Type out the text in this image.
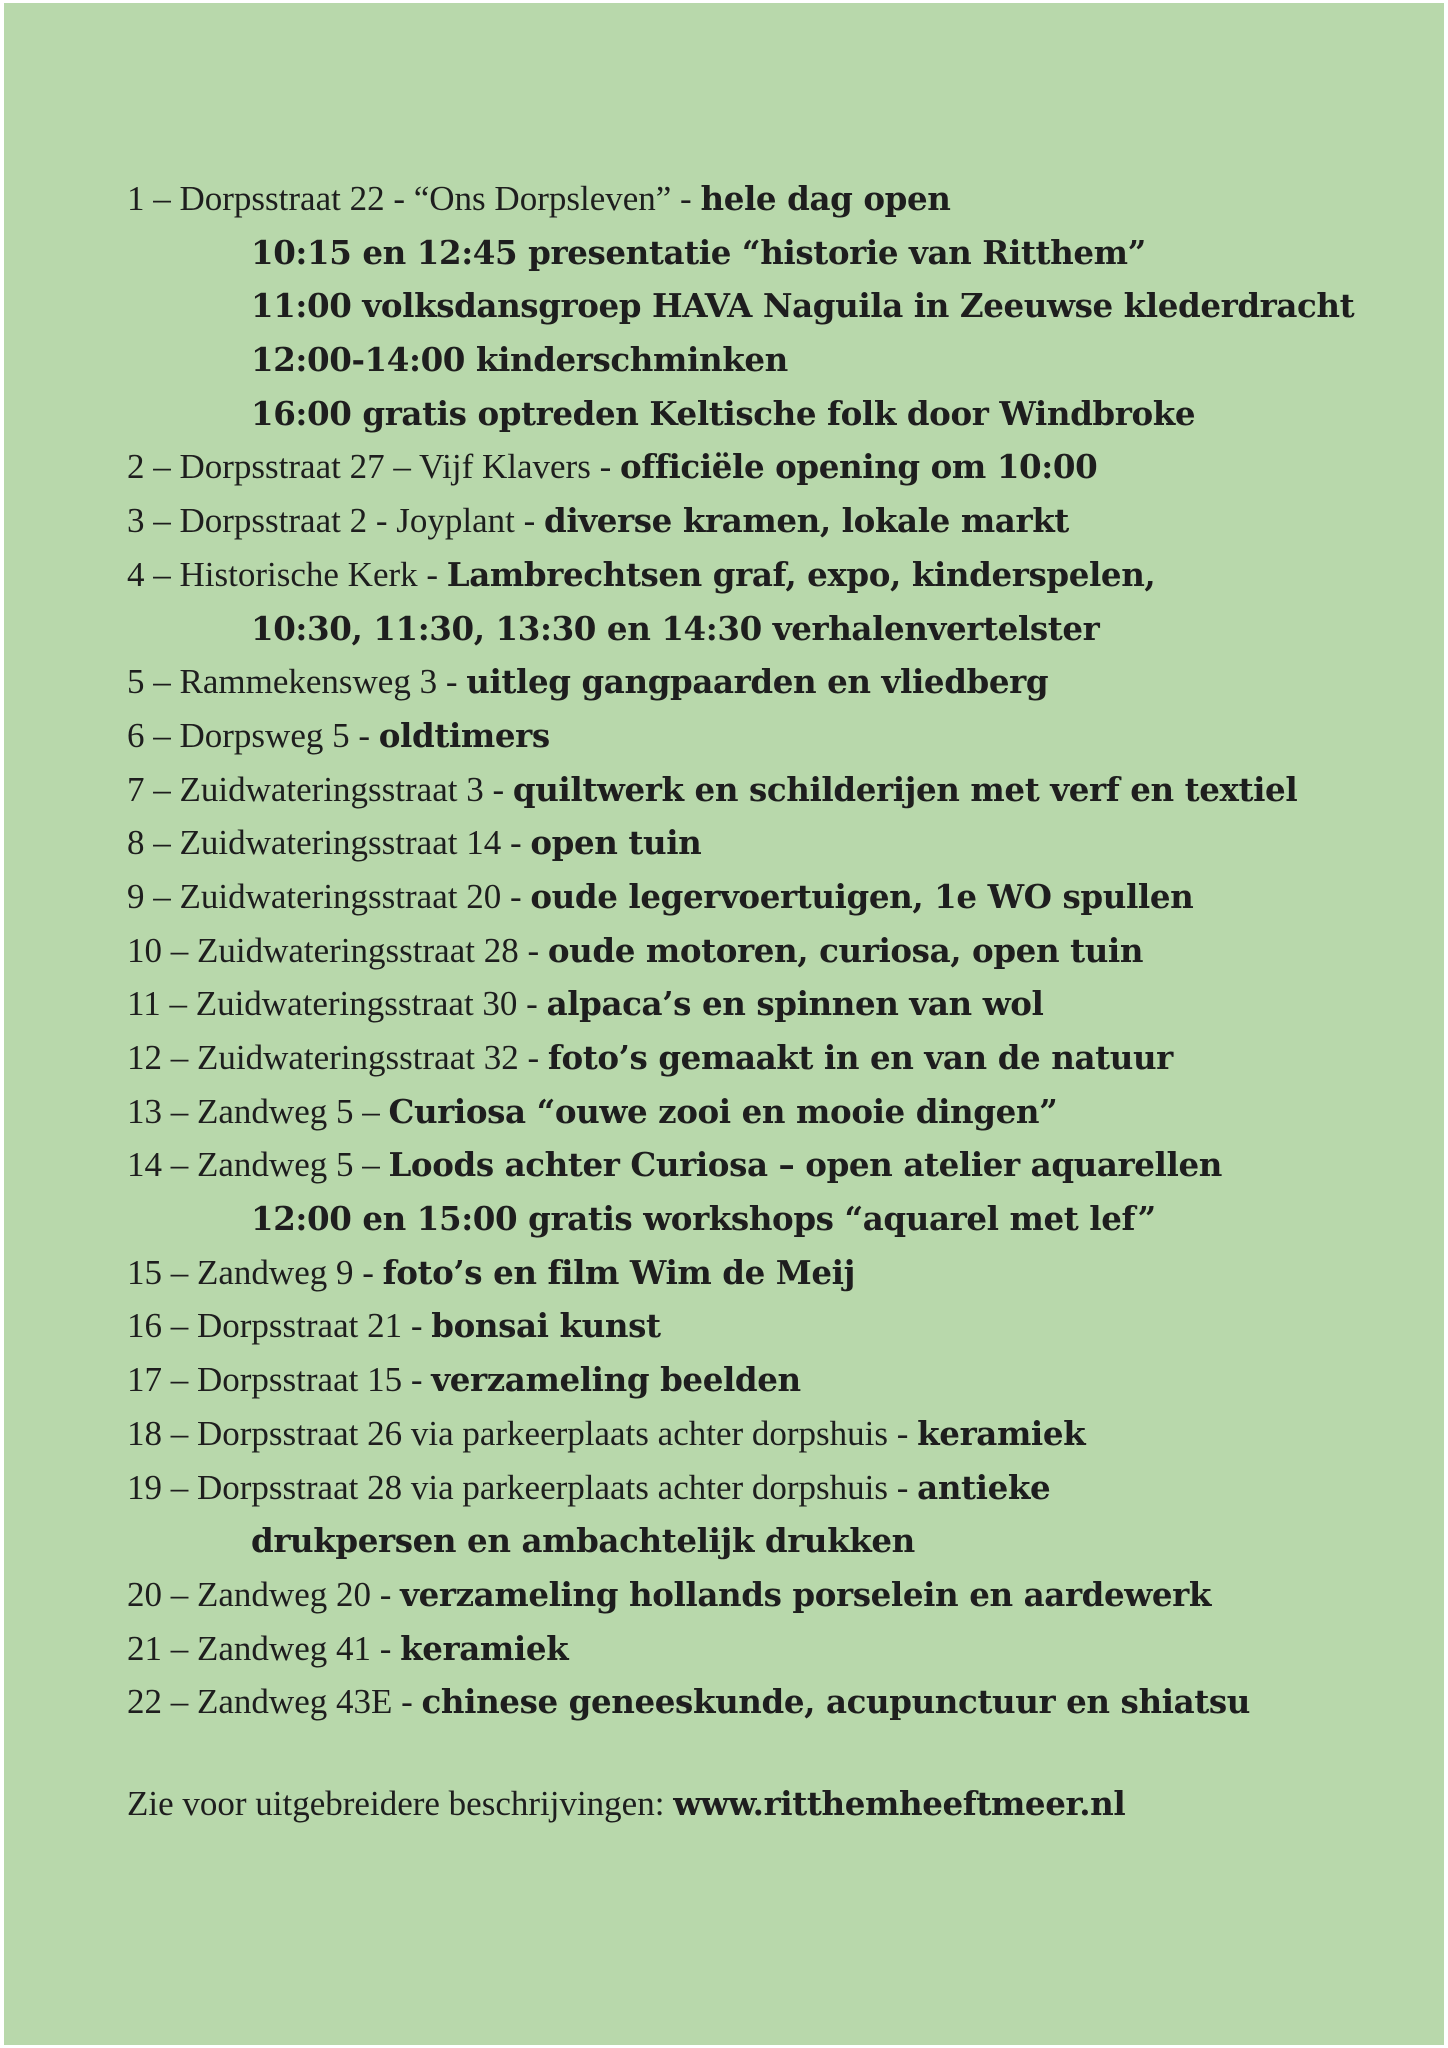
1 – Dorpsstraat 22 - “Ons Dorpsleven” - hele dag open
10:15 en 12:45 presentatie “historie van Ritthem”
11:00 volksdansgroep HAVA Naguila in Zeeuwse klederdracht
12:00-14:00 kinderschminken
16:00 gratis optreden Keltische folk door Windbroke
2 – Dorpsstraat 27 – Vijf Klavers - officiële opening om 10:00
3 – Dorpsstraat 2 - Joyplant - diverse kramen, lokale markt
4 – Historische Kerk - Lambrechtsen graf, expo, kinderspelen,
10:30, 11:30, 13:30 en 14:30 verhalenvertelster
5 – Rammekensweg 3 - uitleg gangpaarden en vliedberg
6 – Dorpsweg 5 - oldtimers
7 – Zuidwateringsstraat 3 - quiltwerk en schilderijen met verf en textiel
8 – Zuidwateringsstraat 14 - open tuin
9 – Zuidwateringsstraat 20 - oude legervoertuigen, 1e WO spullen
10 – Zuidwateringsstraat 28 - oude motoren, curiosa, open tuin
11 – Zuidwateringsstraat 30 - alpaca’s en spinnen van wol
12 – Zuidwateringsstraat 32 - foto’s gemaakt in en van de natuur
13 – Zandweg 5 – Curiosa “ouwe zooi en mooie dingen”
14 – Zandweg 5 – Loods achter Curiosa – open atelier aquarellen
12:00 en 15:00 gratis workshops “aquarel met lef”
15 – Zandweg 9 - foto’s en film Wim de Meij
16 – Dorpsstraat 21 - bonsai kunst
17 – Dorpsstraat 15 - verzameling beelden
18 – Dorpsstraat 26 via parkeerplaats achter dorpshuis - keramiek
19 – Dorpsstraat 28 via parkeerplaats achter dorpshuis - antieke
drukpersen en ambachtelijk drukken
20 – Zandweg 20 - verzameling hollands porselein en aardewerk
21 – Zandweg 41 - keramiek
22 – Zandweg 43E - chinese geneeskunde, acupunctuur en shiatsu
Zie voor uitgebreidere beschrijvingen: www.ritthemheeftmeer.nl
